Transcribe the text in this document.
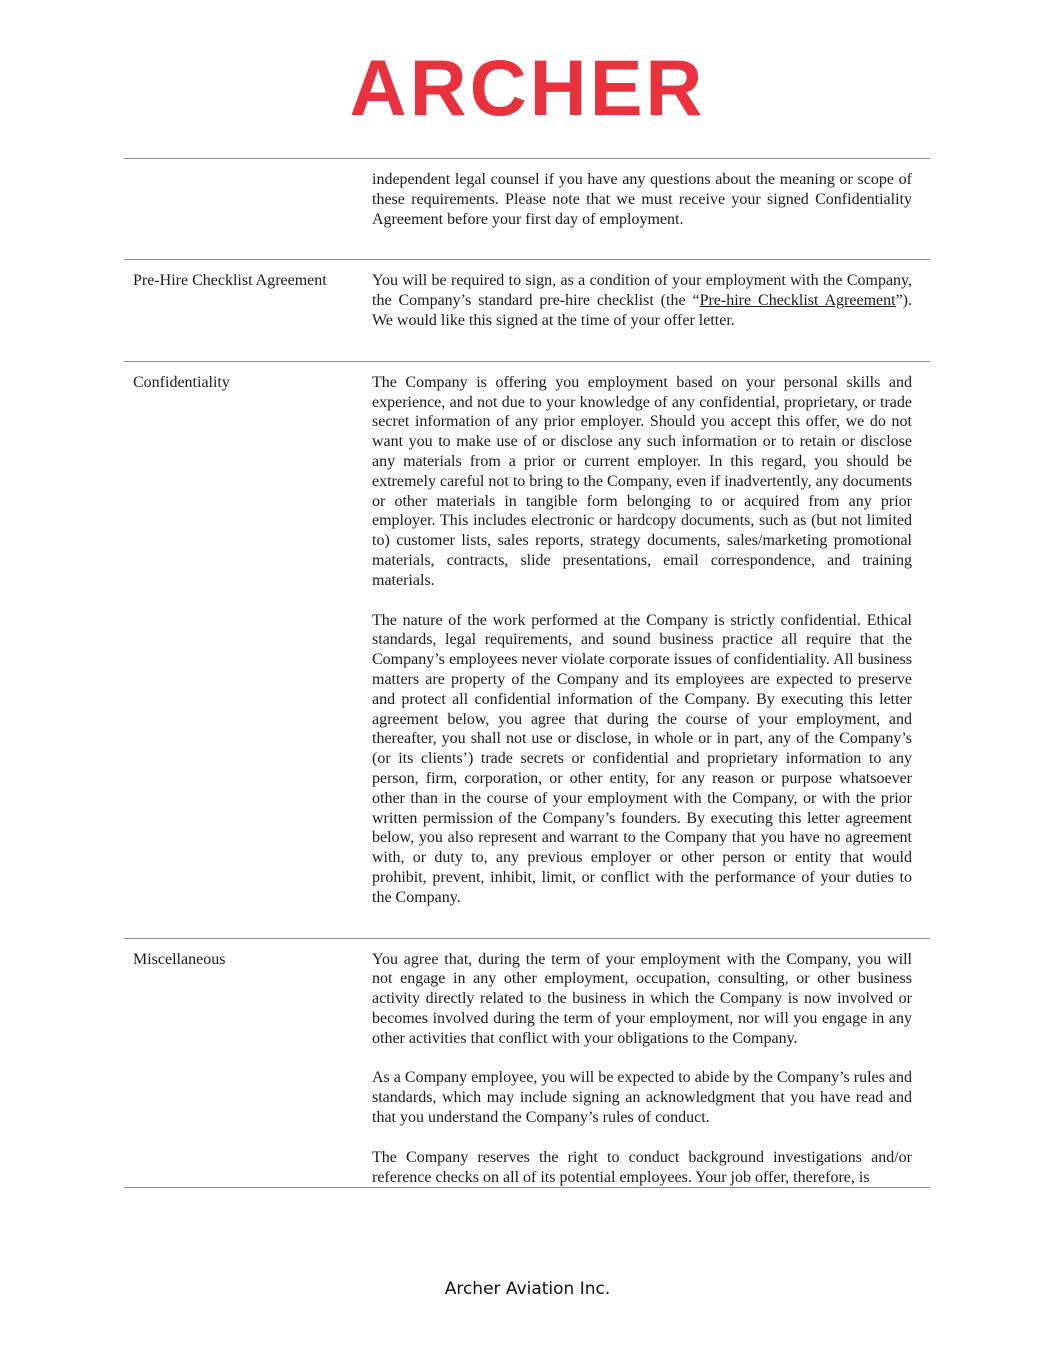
ARCHER

independent legal counsel if you have any questions about the meaning or scope of these requirements. Please note that we must receive your signed Confidentiality Agreement before your first day of employment.

Pre-Hire Checklist Agreement	You will be required to sign, as a condition of your employment with the Company, the Company’s standard pre-hire checklist (the “Pre-hire Checklist Agreement”). We would like this signed at the time of your offer letter.

Confidentiality	The Company is offering you employment based on your personal skills and experience, and not due to your knowledge of any confidential, proprietary, or trade secret information of any prior employer. Should you accept this offer, we do not want you to make use of or disclose any such information or to retain or disclose any materials from a prior or current employer. In this regard, you should be extremely careful not to bring to the Company, even if inadvertently, any documents or other materials in tangible form belonging to or acquired from any prior employer. This includes electronic or hardcopy documents, such as (but not limited to) customer lists, sales reports, strategy documents, sales/marketing promotional materials, contracts, slide presentations, email correspondence, and training materials.

The nature of the work performed at the Company is strictly confidential. Ethical standards, legal requirements, and sound business practice all require that the Company’s employees never violate corporate issues of confidentiality. All business matters are property of the Company and its employees are expected to preserve and protect all confidential information of the Company. By executing this letter agreement below, you agree that during the course of your employment, and thereafter, you shall not use or disclose, in whole or in part, any of the Company’s (or its clients’) trade secrets or confidential and proprietary information to any person, firm, corporation, or other entity, for any reason or purpose whatsoever other than in the course of your employment with the Company, or with the prior written permission of the Company’s founders. By executing this letter agreement below, you also represent and warrant to the Company that you have no agreement with, or duty to, any previous employer or other person or entity that would prohibit, prevent, inhibit, limit, or conflict with the performance of your duties to the Company.

Miscellaneous	You agree that, during the term of your employment with the Company, you will not engage in any other employment, occupation, consulting, or other business activity directly related to the business in which the Company is now involved or becomes involved during the term of your employment, nor will you engage in any other activities that conflict with your obligations to the Company.

As a Company employee, you will be expected to abide by the Company’s rules and standards, which may include signing an acknowledgment that you have read and that you understand the Company’s rules of conduct.

The Company reserves the right to conduct background investigations and/or reference checks on all of its potential employees. Your job offer, therefore, is

Archer Aviation Inc.
